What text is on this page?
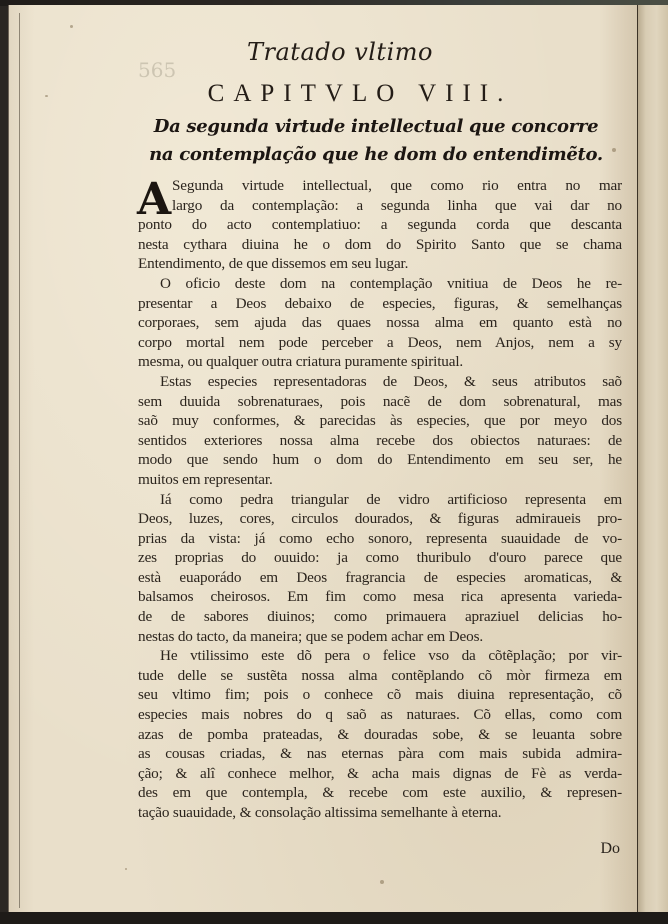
565
Tratado vltimo
CAPITVLO VIII.
Da segunda virtude intellectual que concorre
na contemplação que he dom do entendimẽto.
A Segunda virtude intellectual, que como rio entra no mar
largo da contemplação: a segunda linha que vai dar no
ponto do acto contemplatiuo: a segunda corda que descanta
nesta cythara diuina he o dom do Spirito Santo que se chama
Entendimento, de que dissemos em seu lugar.
O oficio deste dom na contemplação vnitiua de Deos he re-
presentar a Deos debaixo de especies, figuras, & semelhanças
corporaes, sem ajuda das quaes nossa alma em quanto està no
corpo mortal nem pode perceber a Deos, nem Anjos, nem a sy
mesma, ou qualquer outra criatura puramente spiritual.
Estas especies representadoras de Deos, & seus atributos saõ
sem duuida sobrenaturaes, pois nacẽ de dom sobrenatural, mas
saõ muy conformes, & parecidas às especies, que por meyo dos
sentidos exteriores nossa alma recebe dos obiectos naturaes: de
modo que sendo hum o dom do Entendimento em seu ser, he
muitos em representar.
Iá como pedra triangular de vidro artificioso representa em
Deos, luzes, cores, circulos dourados, & figuras admiraueis pro-
prias da vista: já como echo sonoro, representa suauidade de vo-
zes proprias do ouuido: ja como thuribulo d'ouro parece que
està euaporádo em Deos fragrancia de especies aromaticas, &
balsamos cheirosos. Em fim como mesa rica apresenta varieda-
de de sabores diuinos; como primauera apraziuel delicias ho-
nestas do tacto, da maneira; que se podem achar em Deos.
He vtilissimo este dõ pera o felice vso da cõtẽplação; por vir-
tude delle se sustẽta nossa alma contẽplando cõ mòr firmeza em
seu vltimo fim; pois o conhece cõ mais diuina representação, cõ
especies mais nobres do q saõ as naturaes. Cõ ellas, como com
azas de pomba prateadas, & douradas sobe, & se leuanta sobre
as cousas criadas, & nas eternas pàra com mais subida admira-
ção; & alî conhece melhor, & acha mais dignas de Fè as verda-
des em que contempla, & recebe com este auxilio, & represen-
tação suauidade, & consolação altissima semelhante à eterna.
Do
